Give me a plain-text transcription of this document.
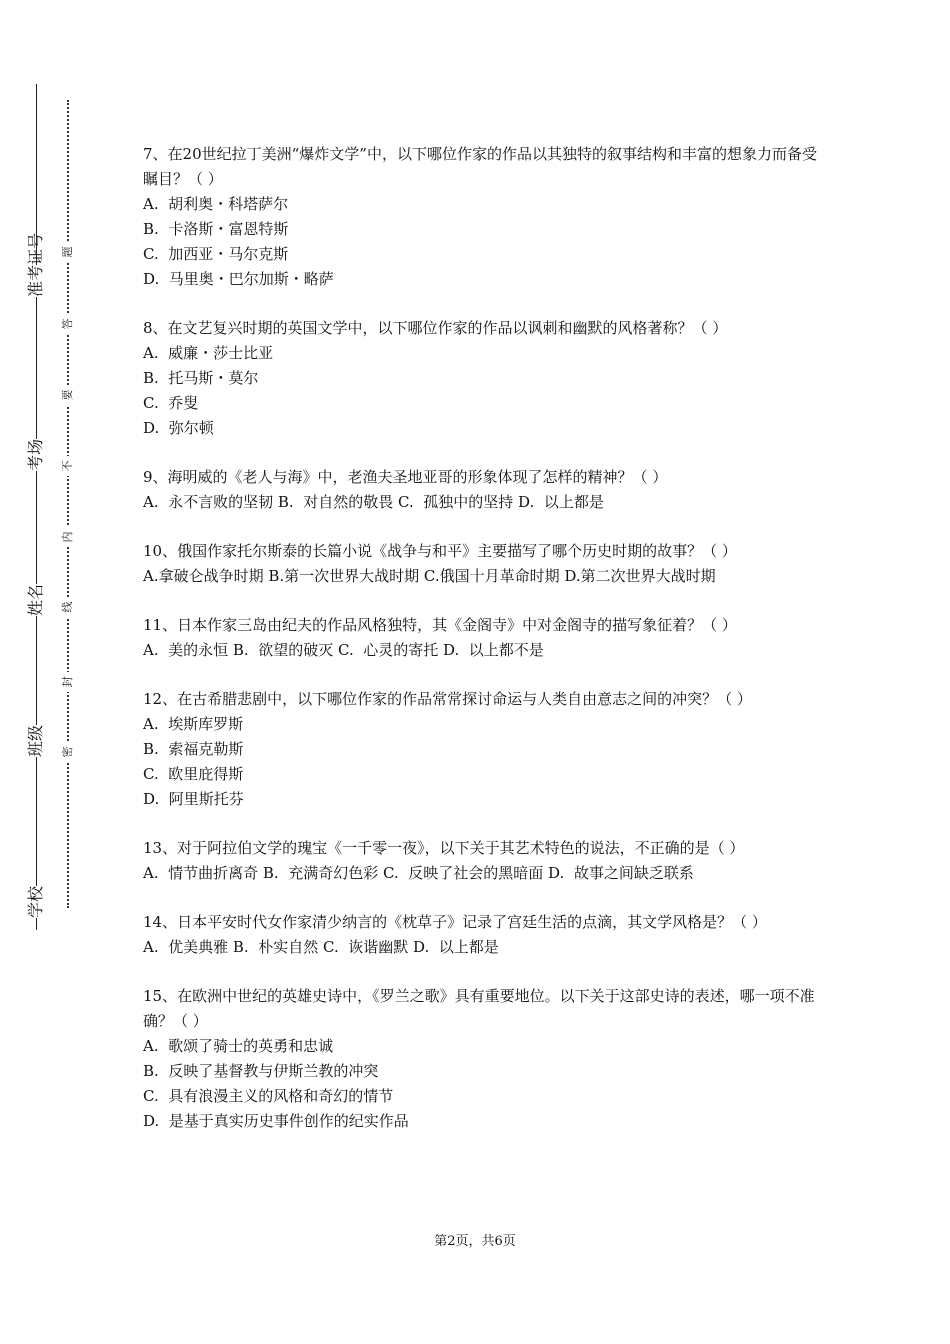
学校
班级
姓名
考场
准考证号
密
封
线
内
不
要
答
题

7、在20世纪拉丁美洲“爆炸文学”中，以下哪位作家的作品以其独特的叙事结构和丰富的想象力而备受瞩目？（ ）

A.  胡利奥・科塔萨尔

B.  卡洛斯・富恩特斯

C.  加西亚・马尔克斯

D.  马里奥・巴尔加斯・略萨

8、在文艺复兴时期的英国文学中，以下哪位作家的作品以讽刺和幽默的风格著称？（ ）

A.  威廉・莎士比亚

B.  托马斯・莫尔

C.  乔叟

D.  弥尔顿

9、海明威的《老人与海》中，老渔夫圣地亚哥的形象体现了怎样的精神？（ ）

A.  永不言败的坚韧 B.  对自然的敬畏 C.  孤独中的坚持 D.  以上都是

10、俄国作家托尔斯泰的长篇小说《战争与和平》主要描写了哪个历史时期的故事？（ ）

A.拿破仑战争时期 B.第一次世界大战时期 C.俄国十月革命时期 D.第二次世界大战时期

11、日本作家三岛由纪夫的作品风格独特，其《金阁寺》中对金阁寺的描写象征着？（ ）

A.  美的永恒 B.  欲望的破灭 C.  心灵的寄托 D.  以上都不是

12、在古希腊悲剧中，以下哪位作家的作品常常探讨命运与人类自由意志之间的冲突？（ ）

A.  埃斯库罗斯

B.  索福克勒斯

C.  欧里庇得斯

D.  阿里斯托芬

13、对于阿拉伯文学的瑰宝《一千零一夜》，以下关于其艺术特色的说法，不正确的是（ ）

A.  情节曲折离奇 B.  充满奇幻色彩 C.  反映了社会的黑暗面 D.  故事之间缺乏联系

14、日本平安时代女作家清少纳言的《枕草子》记录了宫廷生活的点滴，其文学风格是？（ ）

A.  优美典雅 B.  朴实自然 C.  诙谐幽默 D.  以上都是

15、在欧洲中世纪的英雄史诗中，《罗兰之歌》具有重要地位。以下关于这部史诗的表述，哪一项不准确？（ ）

A.  歌颂了骑士的英勇和忠诚

B.  反映了基督教与伊斯兰教的冲突

C.  具有浪漫主义的风格和奇幻的情节

D.  是基于真实历史事件创作的纪实作品

第2页，共6页
